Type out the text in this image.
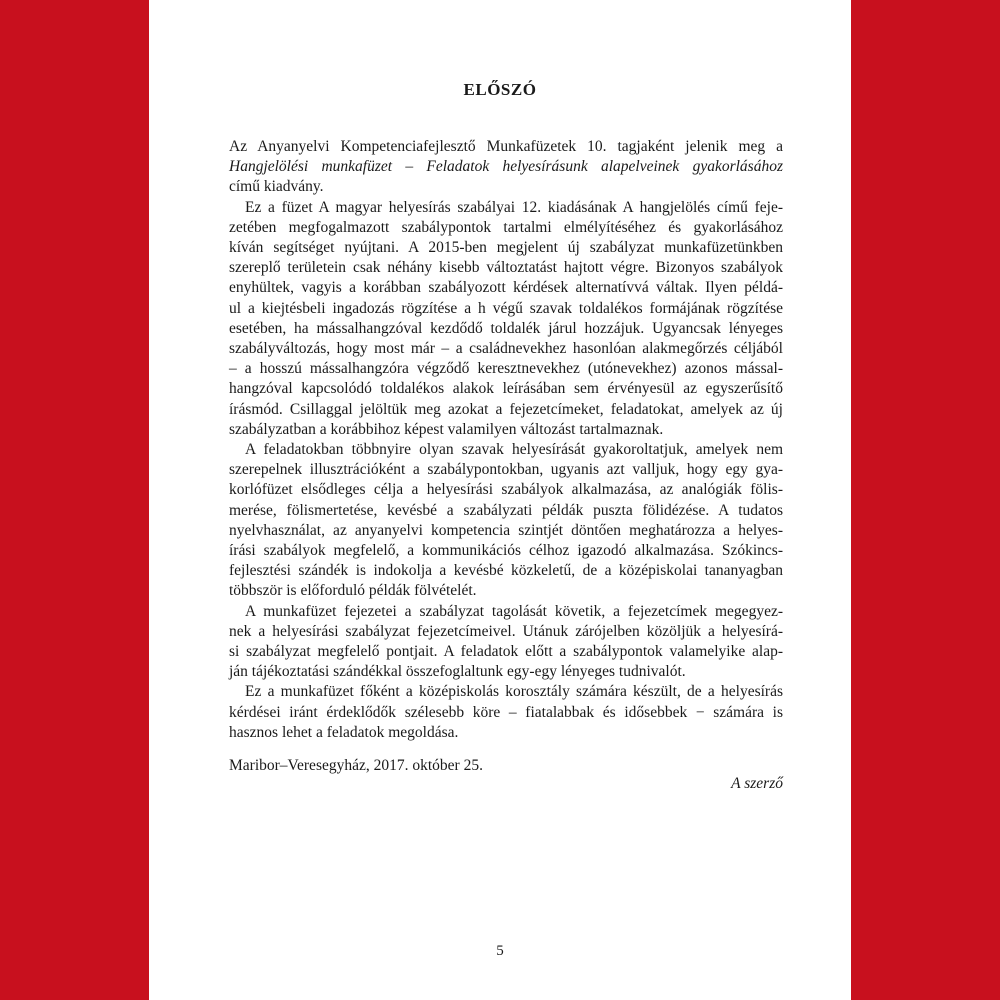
ELŐSZÓ
Az Anyanyelvi Kompetenciafejlesztő Munkafüzetek 10. tagjaként jelenik meg a
Hangjelölési munkafüzet – Feladatok helyesírásunk alapelveinek gyakorlásához
című kiadvány.
Ez a füzet A magyar helyesírás szabályai 12. kiadásának A hangjelölés című feje-
zetében megfogalmazott szabálypontok tartalmi elmélyítéséhez és gyakorlásához
kíván segítséget nyújtani. A 2015-ben megjelent új szabályzat munkafüzetünkben
szereplő területein csak néhány kisebb változtatást hajtott végre. Bizonyos szabályok
enyhültek, vagyis a korábban szabályozott kérdések alternatívvá váltak. Ilyen példá-
ul a kiejtésbeli ingadozás rögzítése a h végű szavak toldalékos formájának rögzítése
esetében, ha mássalhangzóval kezdődő toldalék járul hozzájuk. Ugyancsak lényeges
szabályváltozás, hogy most már – a családnevekhez hasonlóan alakmegőrzés céljából
– a hosszú mássalhangzóra végződő keresztnevekhez (utónevekhez) azonos mással-
hangzóval kapcsolódó toldalékos alakok leírásában sem érvényesül az egyszerűsítő
írásmód. Csillaggal jelöltük meg azokat a fejezetcímeket, feladatokat, amelyek az új
szabályzatban a korábbihoz képest valamilyen változást tartalmaznak.
A feladatokban többnyire olyan szavak helyesírását gyakoroltatjuk, amelyek nem
szerepelnek illusztrációként a szabálypontokban, ugyanis azt valljuk, hogy egy gya-
korlófüzet elsődleges célja a helyesírási szabályok alkalmazása, az analógiák fölis-
merése, fölismertetése, kevésbé a szabályzati példák puszta fölidézése. A tudatos
nyelvhasználat, az anyanyelvi kompetencia szintjét döntően meghatározza a helyes-
írási szabályok megfelelő, a kommunikációs célhoz igazodó alkalmazása. Szókincs-
fejlesztési szándék is indokolja a kevésbé közkeletű, de a középiskolai tananyagban
többször is előforduló példák fölvételét.
A munkafüzet fejezetei a szabályzat tagolását követik, a fejezetcímek megegyez-
nek a helyesírási szabályzat fejezetcímeivel. Utánuk zárójelben közöljük a helyesírá-
si szabályzat megfelelő pontjait. A feladatok előtt a szabálypontok valamelyike alap-
ján tájékoztatási szándékkal összefoglaltunk egy-egy lényeges tudnivalót.
Ez a munkafüzet főként a középiskolás korosztály számára készült, de a helyesírás
kérdései iránt érdeklődők szélesebb köre – fiatalabbak és idősebbek − számára is
hasznos lehet a feladatok megoldása.
Maribor–Veresegyház, 2017. október 25.
A szerző
5
